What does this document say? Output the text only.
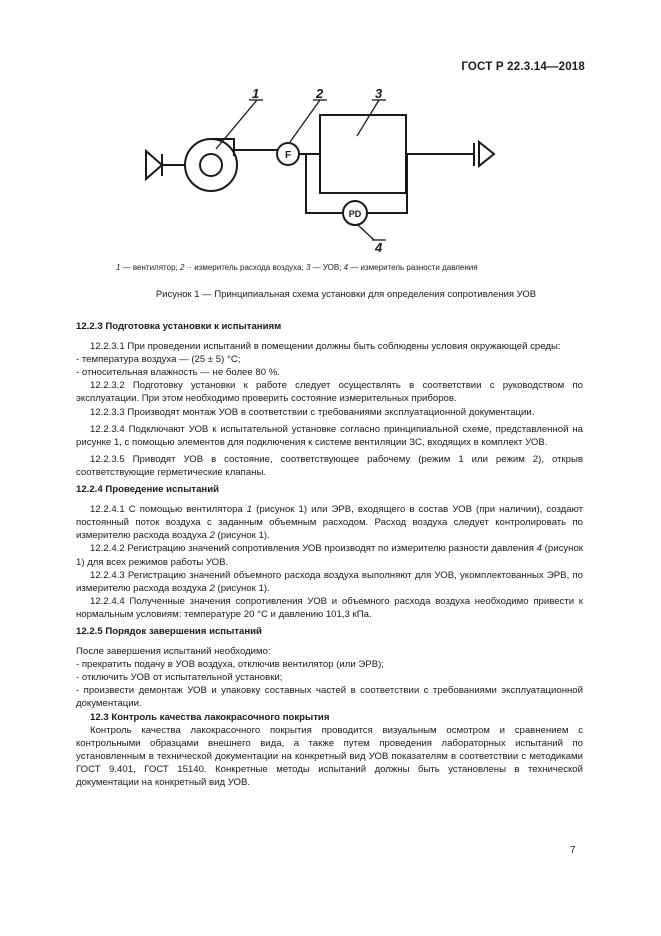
ГОСТ Р 22.3.14—2018
1	2	3
4
F
PD
1 — вентилятор; 2 ·· измеритель расхода воздуха; 3 — УОВ; 4 — измеритель разности давления
Рисунок 1 — Принципиальная схема установки для определения сопротивления УОВ

12.2.3 Подготовка установки к испытаниям

12.2.3.1 При проведении испытаний в помещении должны быть соблюдены условия окружающей среды:

- температура воздуха — (25 ± 5) °С;

- относительная влажность — не более 80 %.

12.2.3.2 Подготовку установки к работе следует осуществлять в соответствии с руководством по эксплуатации. При этом необходимо проверить состояние измерительных приборов.

12.2.3.3 Производят монтаж УОВ в соответствии с требованиями эксплуатационной документации.

12.2.3.4 Подключают УОВ к испытательной установке согласно принципиальной схеме, представленной на рисунке 1, с помощью элементов для подключения к системе вентиляции ЗС, входящих в комплект УОВ.

12.2.3.5 Приводят УОВ в состояние, соответствующее рабочему (режим 1 или режим 2), открыв соответствующие герметические клапаны.

12.2.4 Проведение испытаний

12.2.4.1 С помощью вентилятора 1 (рисунок 1) или ЭРВ, входящего в состав УОВ (при наличии), создают постоянный поток воздуха с заданным объемным расходом. Расход воздуха следует контролировать по измерителю расхода воздуха 2 (рисунок 1).

12.2.4.2 Регистрацию значений сопротивления УОВ производят по измерителю разности давления 4 (рисунок 1) для всех режимов работы УОВ.

12.2.4.3 Регистрацию значений объемного расхода воздуха выполняют для УОВ, укомплектованных ЭРВ, по измерителю расхода воздуха 2 (рисунок 1).

12.2.4.4 Полученные значения сопротивления УОВ и объемного расхода воздуха необходимо привести к нормальным условиям: температуре 20 °С и давлению 101,3 кПа.

12.2.5 Порядок завершения испытаний

После завершения испытаний необходимо:

- прекратить подачу в УОВ воздуха, отключив вентилятор (или ЭРВ);

- отключить УОВ от испытательной установки;

- произвести демонтаж УОВ и упаковку составных частей в соответствии с требованиями эксплуатационной документации.

12.3 Контроль качества лакокрасочного покрытия

Контроль качества лакокрасочного покрытия проводится визуальным осмотром и сравнением с контрольными образцами внешнего вида, а также путем проведения лабораторных испытаний по установленным в технической документации на конкретный вид УОВ показателям в соответствии с методиками ГОСТ 9.401, ГОСТ 15140. Конкретные методы испытаний должны быть установлены в технической документации на конкретный вид УОВ.

7
